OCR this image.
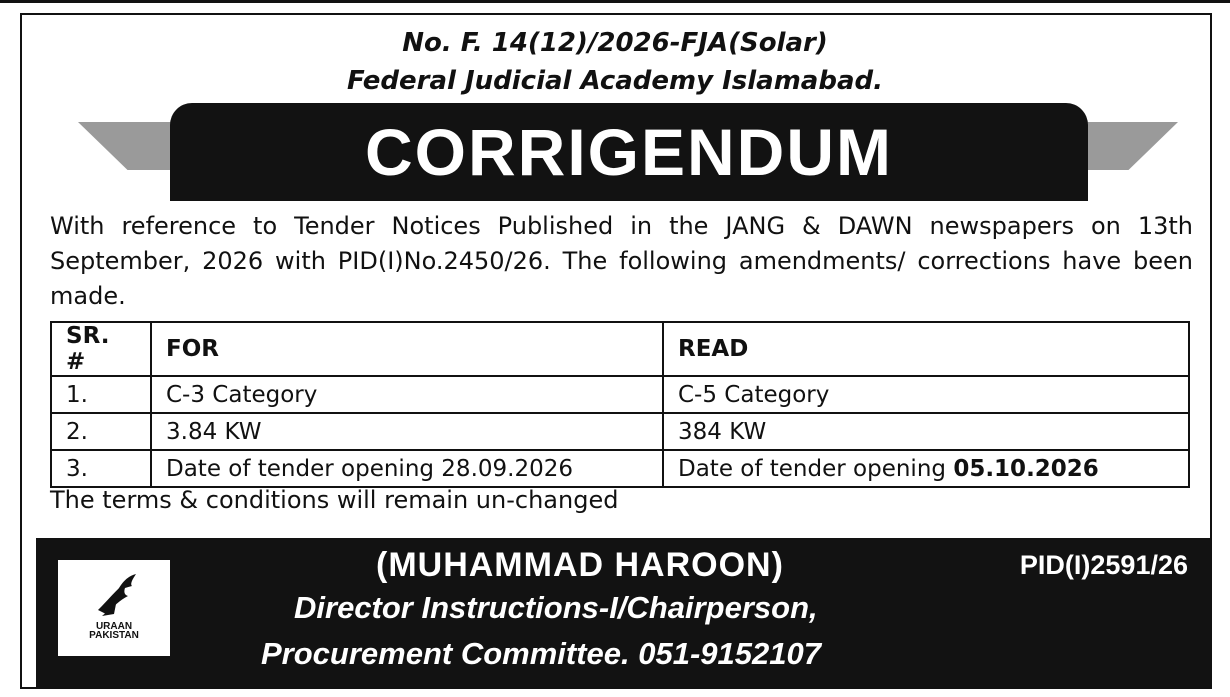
No. F. 14(12)/2026-FJA(Solar)
Federal Judicial Academy Islamabad.
CORRIGENDUM
With reference to Tender Notices Published in the JANG & DAWN newspapers on 13th September, 2026 with PID(I)No.2450/26. The following amendments/ corrections have been made.
SR. #	FOR	READ
1.	C-3 Category	C-5 Category
2.	3.84 KW	384 KW
3.	Date of tender opening 28.09.2026	Date of tender opening 05.10.2026
The terms & conditions will remain un-changed
URAAN
PAKISTAN
(MUHAMMAD HAROON)	PID(I)2591/26
Director Instructions-I/Chairperson,
Procurement Committee. 051-9152107
